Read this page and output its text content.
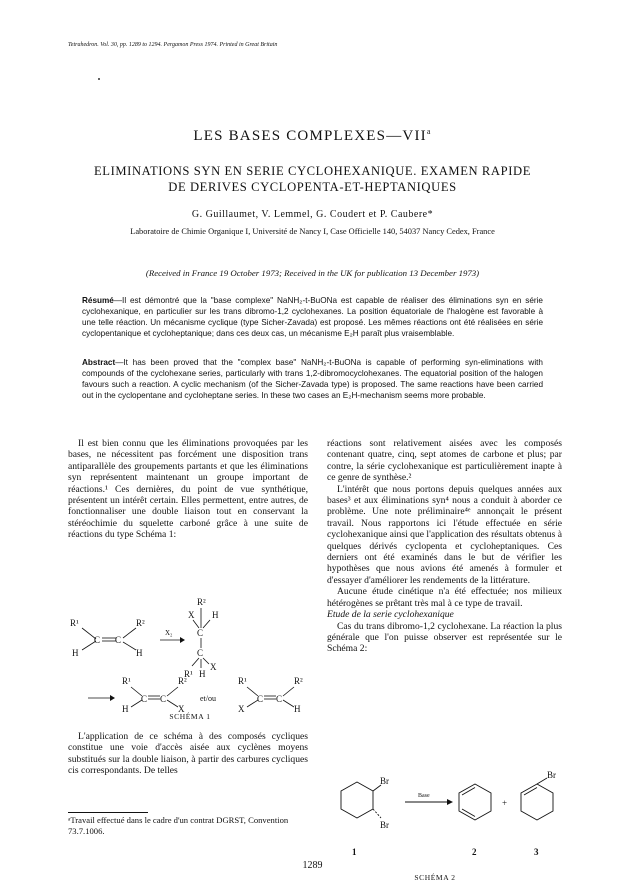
Tetrahedron. Vol. 30, pp. 1289 to 1294. Pergamon Press 1974. Printed in Great Britain
LES BASES COMPLEXES—VII$^a$
ELIMINATIONS SYN EN SERIE CYCLOHEXANIQUE. EXAMEN RAPIDE DE DERIVES CYCLOPENTA-ET-HEPTANIQUES
G. Guillaumet, V. Lemmel, G. Coudert et P. Caubere*
Laboratoire de Chimie Organique I, Université de Nancy I, Case Officielle 140, 54037 Nancy Cedex, France
(Received in France 19 October 1973; Received in the UK for publication 13 December 1973)
Résumé—Il est démontré que la "base complexe" NaNH₂-t-BuONa est capable de réaliser des éliminations syn en série cyclohexanique, en particulier sur les trans dibromo-1,2 cyclohexanes. La position équatoriale de l'halogène est favorable à une telle réaction. Un mécanisme cyclique (type Sicher-Zavada) est proposé. Les mêmes réactions ont été réalisées en série cyclopentanique et cycloheptanique; dans ces deux cas, un mécanisme E₂H paraît plus vraisemblable.
Abstract—It has been proved that the "complex base" NaNH₂-t-BuONa is capable of performing syn-eliminations with compounds of the cyclohexane series, particularly with trans 1,2-dibromocyclohexanes. The equatorial position of the halogen favours such a reaction. A cyclic mechanism (of the Sicher-Zavada type) is proposed. The same reactions have been carried out in the cyclopentane and cycloheptane series. In these two cases an E₂H-mechanism seems more probable.

Il est bien connu que les éliminations provoquées par les bases, ne nécessitent pas forcément une disposition trans antiparallèle des groupements partants et que les éliminations syn représentent maintenant un groupe important de réactions.¹ Ces dernières, du point de vue synthétique, présentent un intérêt certain. Elles permettent, entre autres, de fonctionnaliser une double liaison tout en conservant la stéréochimie du squelette carboné grâce à une suite de réactions du type Schéma 1:

R¹
H
C C
R²
H
X₂
R²
X H
C
C
X
R¹ H
R¹
H
C C
R²
X
et/ou
R¹
X
C C
R²
H
SCHÉMA 1

L'application de ce schéma à des composés cycliques constitue une voie d'accès aisée aux cyclènes moyens substitués sur la double liaison, à partir des carbures cycliques cis correspondants. De telles

ᵃTravail effectué dans le cadre d'un contrat DGRST, Convention 73.7.1006.

réactions sont relativement aisées avec les composés contenant quatre, cinq, sept atomes de carbone et plus; par contre, la série cyclohexanique est particulièrement inapte à ce genre de synthèse.²

L'intérêt que nous portons depuis quelques années aux bases³ et aux éliminations syn⁴ nous a conduit à aborder ce problème. Une note préliminaire⁴ᵉ annonçait le présent travail. Nous rapportons ici l'étude effectuée en série cyclohexanique ainsi que l'application des résultats obtenus à quelques dérivés cyclopenta et cycloheptaniques. Ces derniers ont été examinés dans le but de vérifier les hypothèses que nous avions été amenés à formuler et d'essayer d'améliorer les rendements de la littérature.

Aucune étude cinétique n'a été effectuée; nos milieux hétérogènes se prêtant très mal à ce type de travail.

Etude de la serie cyclohexanique

Cas du trans dibromo-1,2 cyclohexane. La réaction la plus générale que l'on puisse observer est représentée sur le Schéma 2:

Br
Br
Base
+
Br
1	2	3
SCHÉMA 2
1289
